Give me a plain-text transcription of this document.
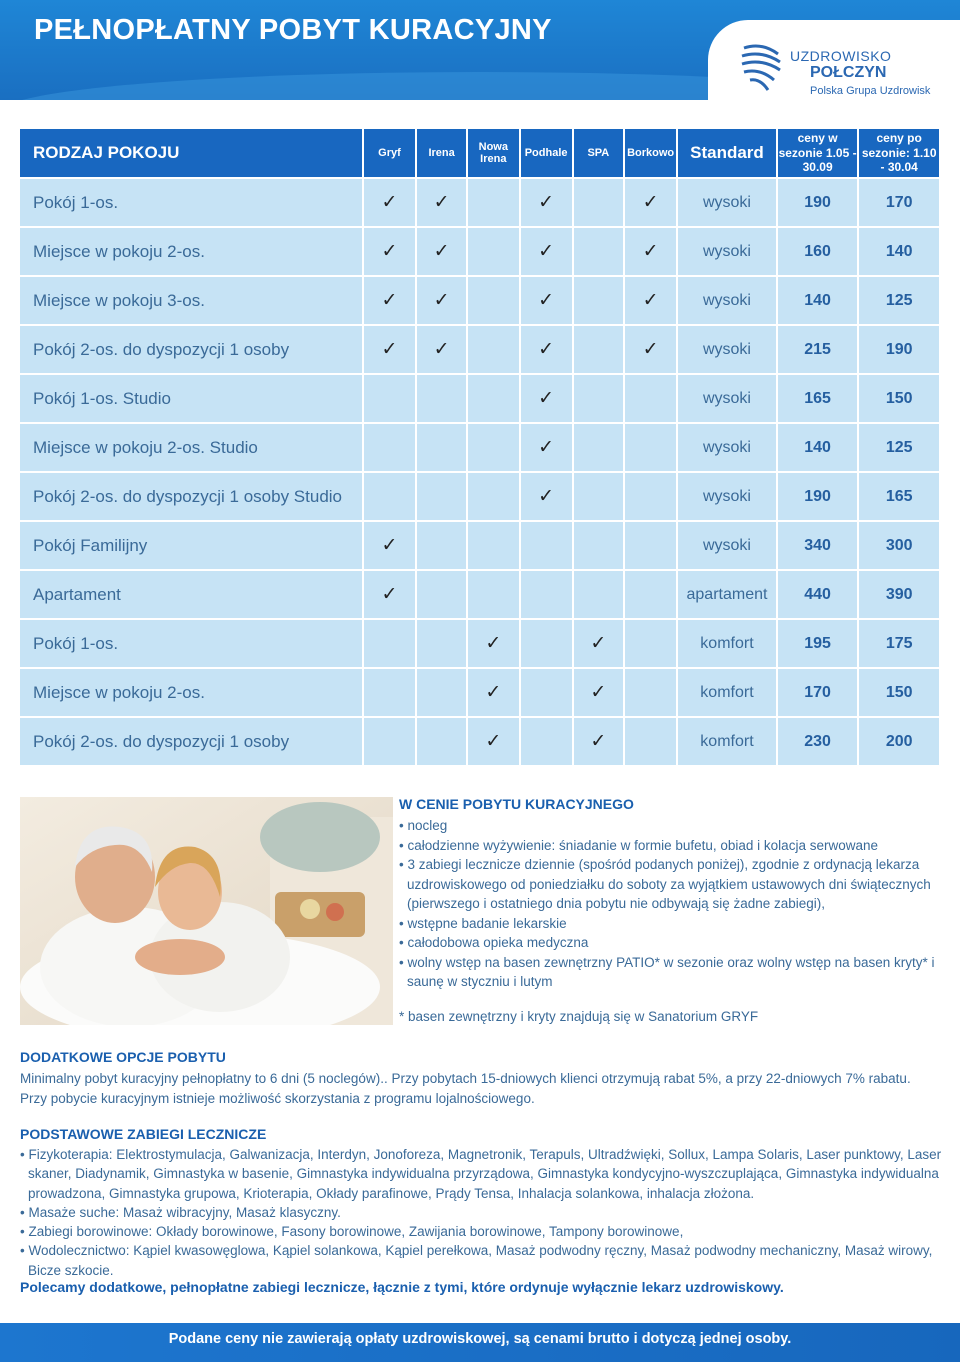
PEŁNOPŁATNY POBYT KURACYJNY
UZDROWISKO
POŁCZYN
Polska Grupa Uzdrowisk
RODZAJ POKOJU	Gryf	Irena	Nowa Irena	Podhale	SPA	Borkowo	Standard	ceny w sezonie 1.05 - 30.09	ceny po sezonie: 1.10 - 30.04
Pokój 1-os.	✓	✓		✓		✓	wysoki	190	170
Miejsce w pokoju 2-os.	✓	✓		✓		✓	wysoki	160	140
Miejsce w pokoju 3-os.	✓	✓		✓		✓	wysoki	140	125
Pokój 2-os. do dyspozycji 1 osoby	✓	✓		✓		✓	wysoki	215	190
Pokój 1-os. Studio				✓			wysoki	165	150
Miejsce w pokoju 2-os. Studio				✓			wysoki	140	125
Pokój 2-os. do dyspozycji 1 osoby Studio				✓			wysoki	190	165
Pokój Familijny	✓						wysoki	340	300
Apartament	✓						apartament	440	390
Pokój 1-os.			✓		✓		komfort	195	175
Miejsce w pokoju 2-os.			✓		✓		komfort	170	150
Pokój 2-os. do dyspozycji 1 osoby			✓		✓		komfort	230	200
W CENIE POBYTU KURACYJNEGO
• nocleg
• całodzienne wyżywienie: śniadanie w formie bufetu, obiad i kolacja serwowane
• 3 zabiegi lecznicze dziennie (spośród podanych poniżej), zgodnie z ordynacją lekarza uzdrowiskowego od poniedziałku do soboty za wyjątkiem ustawowych dni świątecznych (pierwszego i ostatniego dnia pobytu nie odbywają się żadne zabiegi),
• wstępne badanie lekarskie
• całodobowa opieka medyczna
• wolny wstęp na basen zewnętrzny PATIO* w sezonie oraz wolny wstęp na basen kryty* i saunę w styczniu i lutym
* basen zewnętrzny i kryty znajdują się w Sanatorium GRYF
DODATKOWE OPCJE POBYTU

Minimalny pobyt kuracyjny pełnopłatny to 6 dni (5 noclegów).. Przy pobytach 15-dniowych klienci otrzymują rabat 5%, a przy 22-dniowych 7% rabatu. Przy pobycie kuracyjnym istnieje możliwość skorzystania z programu lojalnościowego.

PODSTAWOWE ZABIEGI LECZNICZE
• Fizykoterapia: Elektrostymulacja, Galwanizacja, Interdyn, Jonoforeza, Magnetronik, Terapuls, Ultradźwięki, Sollux, Lampa Solaris, Laser punktowy, Laser skaner, Diadynamik, Gimnastyka w basenie, Gimnastyka indywidualna przyrządowa, Gimnastyka kondycyjno-wyszczuplająca, Gimnastyka indywidualna prowadzona, Gimnastyka grupowa, Krioterapia, Okłady parafinowe, Prądy Tensa, Inhalacja solankowa, inhalacja złożona.
• Masaże suche: Masaż wibracyjny, Masaż klasyczny.
• Zabiegi borowinowe: Okłady borowinowe, Fasony borowinowe, Zawijania borowinowe, Tampony borowinowe,
• Wodolecznictwo: Kąpiel kwasowęglowa, Kąpiel solankowa, Kąpiel perełkowa, Masaż podwodny ręczny, Masaż podwodny mechaniczny, Masaż wirowy, Bicze szkocie.
Polecamy dodatkowe, pełnopłatne zabiegi lecznicze, łącznie z tymi, które ordynuje wyłącznie lekarz uzdrowiskowy.
Podane ceny nie zawierają opłaty uzdrowiskowej, są cenami brutto i dotyczą jednej osoby.
